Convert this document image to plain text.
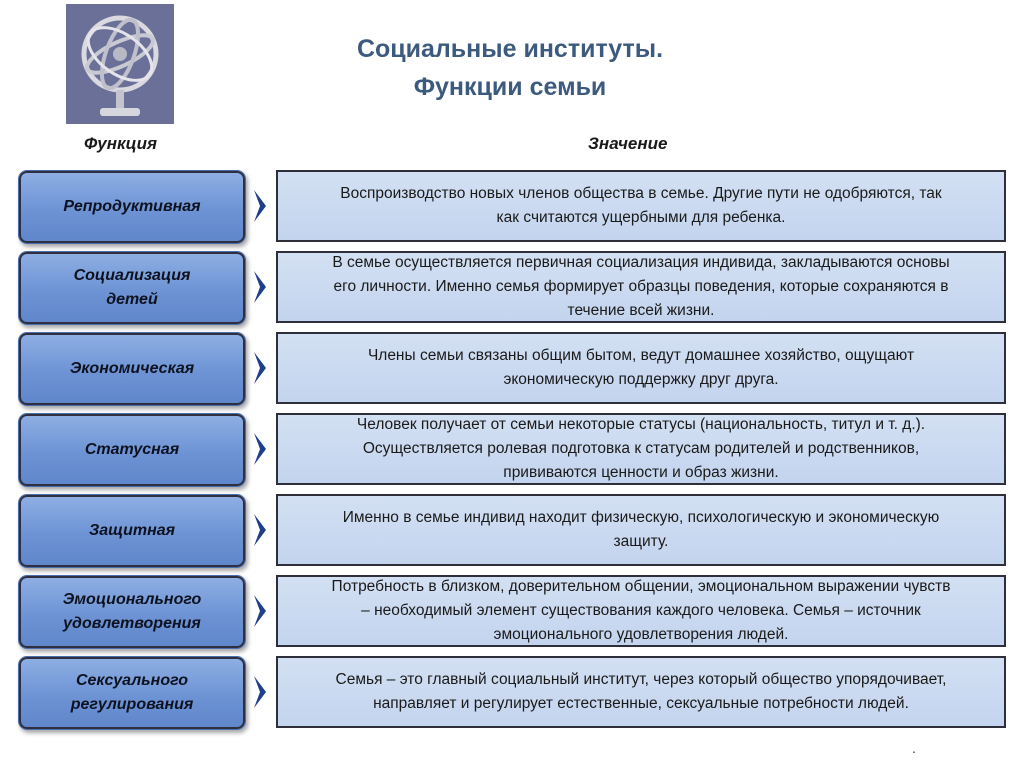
Социальные институты.
Функции семьи
Функция	Значение
Репродуктивная
Воспроизводство новых членов общества в семье. Другие пути не одобряются, так как считаются ущербными для ребенка.
Социализация
детей
В семье осуществляется первичная социализация индивида, закладываются основы его личности. Именно семья формирует образцы поведения, которые сохраняются в течение всей жизни.
Экономическая
Члены семьи связаны общим бытом, ведут домашнее хозяйство, ощущают экономическую поддержку друг друга.
Статусная
Человек получает от семьи некоторые статусы (национальность, титул и т. д.). Осуществляется ролевая подготовка к статусам родителей и родственников, прививаются ценности и образ жизни.
Защитная
Именно в семье индивид находит физическую, психологическую и экономическую защиту.
Эмоционального
удовлетворения
Потребность в близком, доверительном общении, эмоциональном выражении чувств – необходимый элемент существования каждого человека. Семья – источник эмоционального удовлетворения людей.
Сексуального
регулирования
Семья – это главный социальный институт, через который общество упорядочивает, направляет и регулирует естественные, сексуальные потребности людей.
.
